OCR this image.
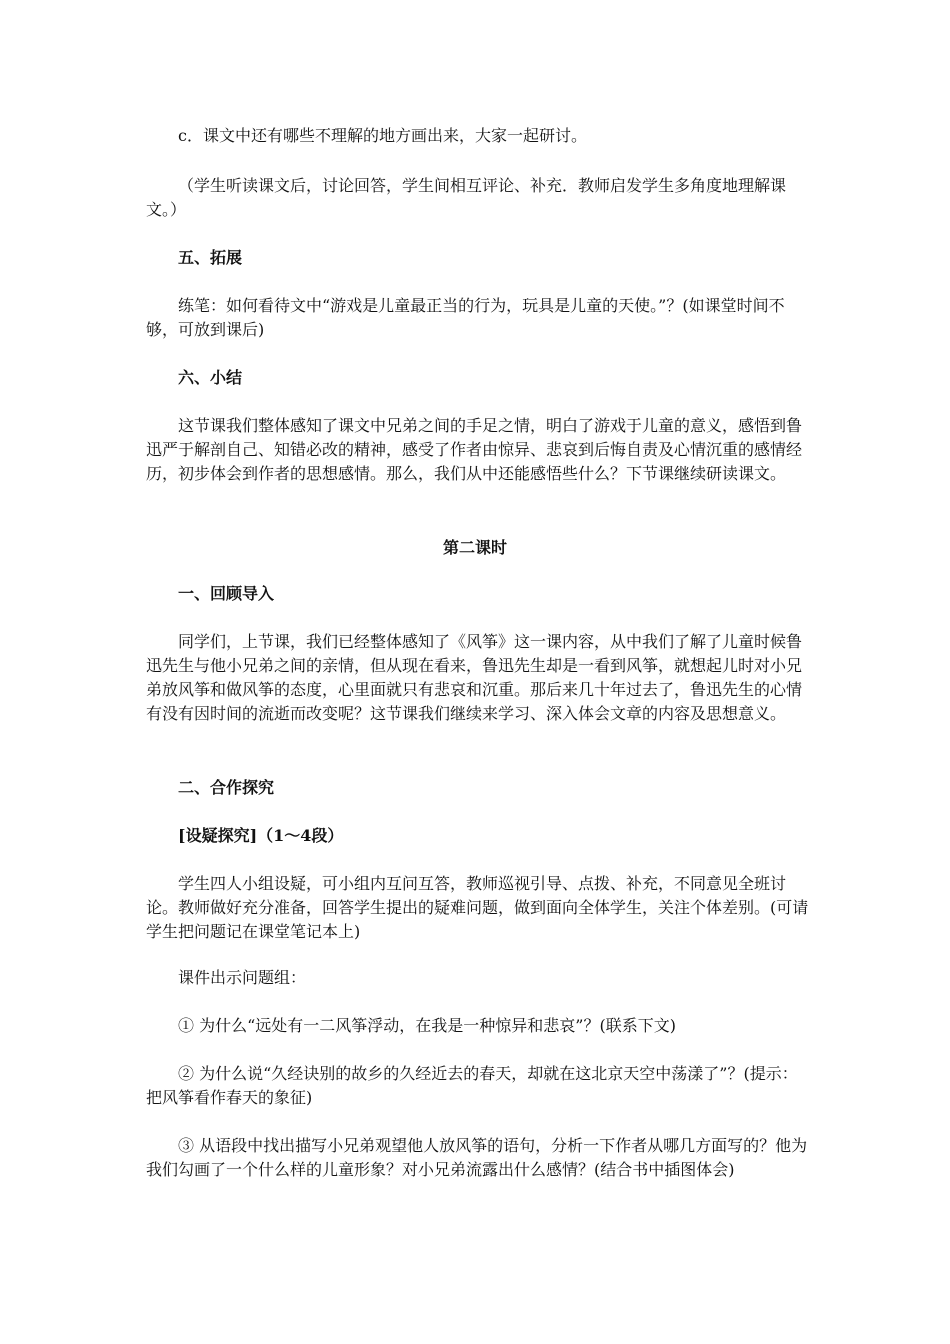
c．课文中还有哪些不理解的地方画出来，大家一起研讨。

（学生听读课文后，讨论回答，学生间相互评论、补充．教师启发学生多角度地理解课文。）

五、拓展

练笔：如何看待文中“游戏是儿童最正当的行为，玩具是儿童的天使。”？(如课堂时间不够，可放到课后)

六、小结

这节课我们整体感知了课文中兄弟之间的手足之情，明白了游戏于儿童的意义，感悟到鲁迅严于解剖自己、知错必改的精神，感受了作者由惊异、悲哀到后悔自责及心情沉重的感情经历，初步体会到作者的思想感情。那么，我们从中还能感悟些什么？下节课继续研读课文。

第二课时

一、回顾导入

同学们，上节课，我们已经整体感知了《风筝》这一课内容，从中我们了解了儿童时候鲁迅先生与他小兄弟之间的亲情，但从现在看来，鲁迅先生却是一看到风筝，就想起儿时对小兄弟放风筝和做风筝的态度，心里面就只有悲哀和沉重。那后来几十年过去了，鲁迅先生的心情有没有因时间的流逝而改变呢？这节课我们继续来学习、深入体会文章的内容及思想意义。

二、合作探究

[设疑探究]（1～4段）

学生四人小组设疑，可小组内互问互答，教师巡视引导、点拨、补充，不同意见全班讨论。教师做好充分准备，回答学生提出的疑难问题，做到面向全体学生，关注个体差别。(可请学生把问题记在课堂笔记本上)

课件出示问题组：

① 为什么“远处有一二风筝浮动，在我是一种惊异和悲哀”？(联系下文)

② 为什么说“久经诀别的故乡的久经近去的春天，却就在这北京天空中荡漾了”？(提示：把风筝看作春天的象征)

③ 从语段中找出描写小兄弟观望他人放风筝的语句，分析一下作者从哪几方面写的？他为我们勾画了一个什么样的儿童形象？对小兄弟流露出什么感情？(结合书中插图体会)
